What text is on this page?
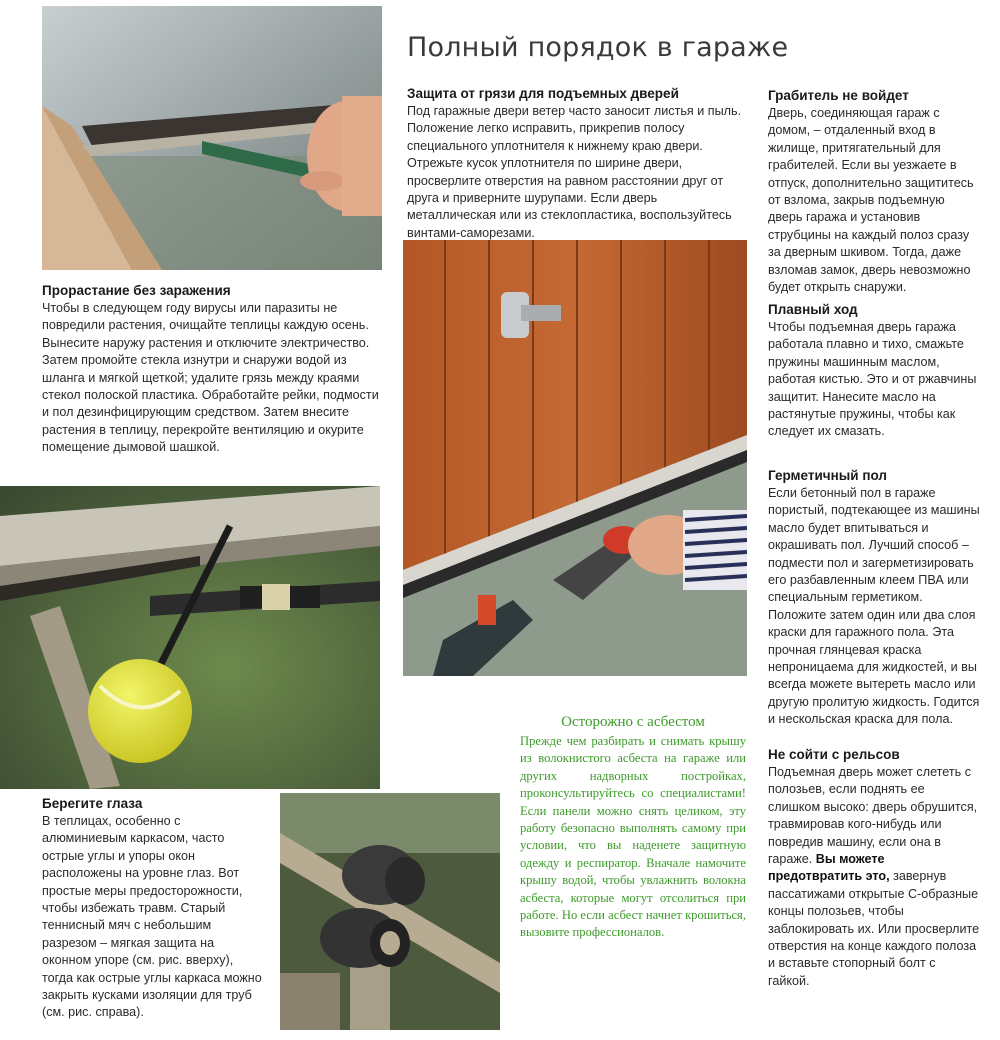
Полный порядок в гараже
Прорастание без заражения

Чтобы в следующем году вирусы или паразиты не повредили растения, очищайте теплицы каждую осень. Вынесите наружу растения и отключите электричество. Затем промойте стекла изнутри и снаружи водой из шланга и мягкой щеткой; удалите грязь между краями стекол полоской пластика. Обработайте рейки, подмости и пол дезинфицирующим средством. Затем внесите растения в теплицу, перекройте вентиляцию и окурите помещение дымовой шашкой.

Берегите глаза

В теплицах, особенно с алюминиевым каркасом, часто острые углы и упоры окон расположены на уровне глаз. Вот простые меры предосторожности, чтобы избежать травм. Старый теннисный мяч с небольшим разрезом – мягкая защита на оконном упоре (см. рис. вверху), тогда как острые углы каркаса можно закрыть кусками изоляции для труб (см. рис. справа).

Защита от грязи для подъемных дверей

Под гаражные двери ветер часто заносит листья и пыль. Положение легко исправить, прикрепив полосу специального уплотнителя к нижнему краю двери. Отрежьте кусок уплотнителя по ширине двери, просверлите отверстия на равном расстоянии друг от друга и приверните шурупами. Если дверь металлическая или из стеклопластика, воспользуйтесь винтами-саморезами.

Осторожно с асбестом

Прежде чем разбирать и снимать крышу из волокнистого асбеста на гараже или других надворных постройках, проконсультируйтесь со специалистами! Если панели можно снять целиком, эту работу безопасно выполнять самому при условии, что вы наденете защитную одежду и респиратор. Вначале намочите крышу водой, чтобы увлажнить волокна асбеста, которые могут отсолиться при работе. Но если асбест начнет крошиться, вызовите профессионалов.

Грабитель не войдет

Дверь, соединяющая гараж с домом, – отдаленный вход в жилище, притягательный для грабителей. Если вы уезжаете в отпуск, дополнительно защититесь от взлома, закрыв подъемную дверь гаража и установив струбцины на каждый полоз сразу за дверным шкивом. Тогда, даже взломав замок, дверь невозможно будет открыть снаружи.

Плавный ход

Чтобы подъемная дверь гаража работала плавно и тихо, смажьте пружины машинным маслом, работая кистью. Это и от ржавчины защитит. Нанесите масло на растянутые пружины, чтобы как следует их смазать.

Герметичный пол

Если бетонный пол в гараже пористый, подтекающее из машины масло будет впитываться и окрашивать пол. Лучший способ – подмести пол и загерметизировать его разбавленным клеем ПВА или специальным герметиком. Положите затем один или два слоя краски для гаражного пола. Эта прочная глянцевая краска непроницаема для жидкостей, и вы всегда можете вытереть масло или другую пролитую жидкость. Годится и нескольская краска для пола.

Не сойти с рельсов

Подъемная дверь может слететь с полозьев, если поднять ее слишком высоко: дверь обрушится, травмировав кого-нибудь или повредив машину, если она в гараже. Вы можете предотвратить это, завернув пассатижами открытые С-образные концы полозьев, чтобы заблокировать их. Или просверлите отверстия на конце каждого полоза и вставьте стопорный болт с гайкой.
